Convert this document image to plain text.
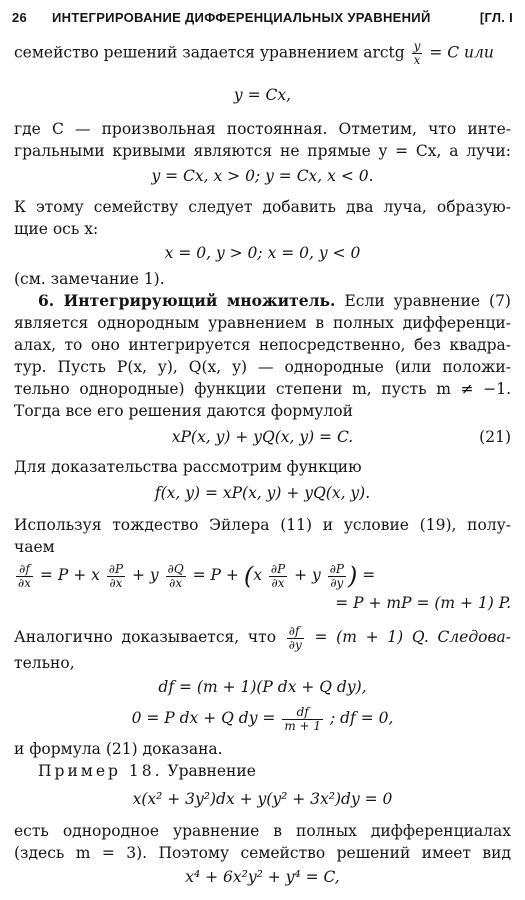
26 ИНТЕГРИРОВАНИЕ ДИФФЕРЕНЦИАЛЬНЫХ УРАВНЕНИЙ	[ГЛ. I
семейство решений задается уравнением arctg $\frac{y}{x} = C$ или
y = Cx,
где C — произвольная постоянная. Отметим, что инте-
гральными кривыми являются не прямые y = Cx, а лучи:
y = Cx, x > 0; y = Cx, x < 0.
К этому семейству следует добавить два луча, образую-
щие ось x:
x = 0, y > 0; x = 0, y < 0
(см. замечание 1).
6. Интегрирующий множитель. Если уравнение (7)
является однородным уравнением в полных дифференци-
алах, то оно интегрируется непосредственно, без квадра-
тур. Пусть P(x, y), Q(x, y) — однородные (или положи-
тельно однородные) функции степени m, пусть m ≠ −1.
Тогда все его решения даются формулой
xP(x, y) + yQ(x, y) = C.	(21)
Для доказательства рассмотрим функцию
f(x, y) = xP(x, y) + yQ(x, y).
Используя тождество Эйлера (11) и условие (19), полу-
чаем
$\frac{\partial f}{\partial x} = P + x \frac{\partial P}{\partial x} + y \frac{\partial Q}{\partial x} = P + (x \frac{\partial P}{\partial x} + y \frac{\partial P}{\partial y}$ ) =
= P + mP = (m + 1) P.
Аналогично доказывается, что $\frac{\partial f}{\partial y} = (m + 1)$ Q. Следова-
тельно,
df = (m + 1)(P dx + Q dy),
0 = P dx + Q dy = $\frac{df}{m + 1}$ ; df = 0,
и формула (21) доказана.
Пример 18. Уравнение
x(x² + 3y²)dx + y(y² + 3x²)dy = 0
есть однородное уравнение в полных дифференциалах
(здесь m = 3). Поэтому семейство решений имеет вид
x⁴ + 6x²y² + y⁴ = C,
